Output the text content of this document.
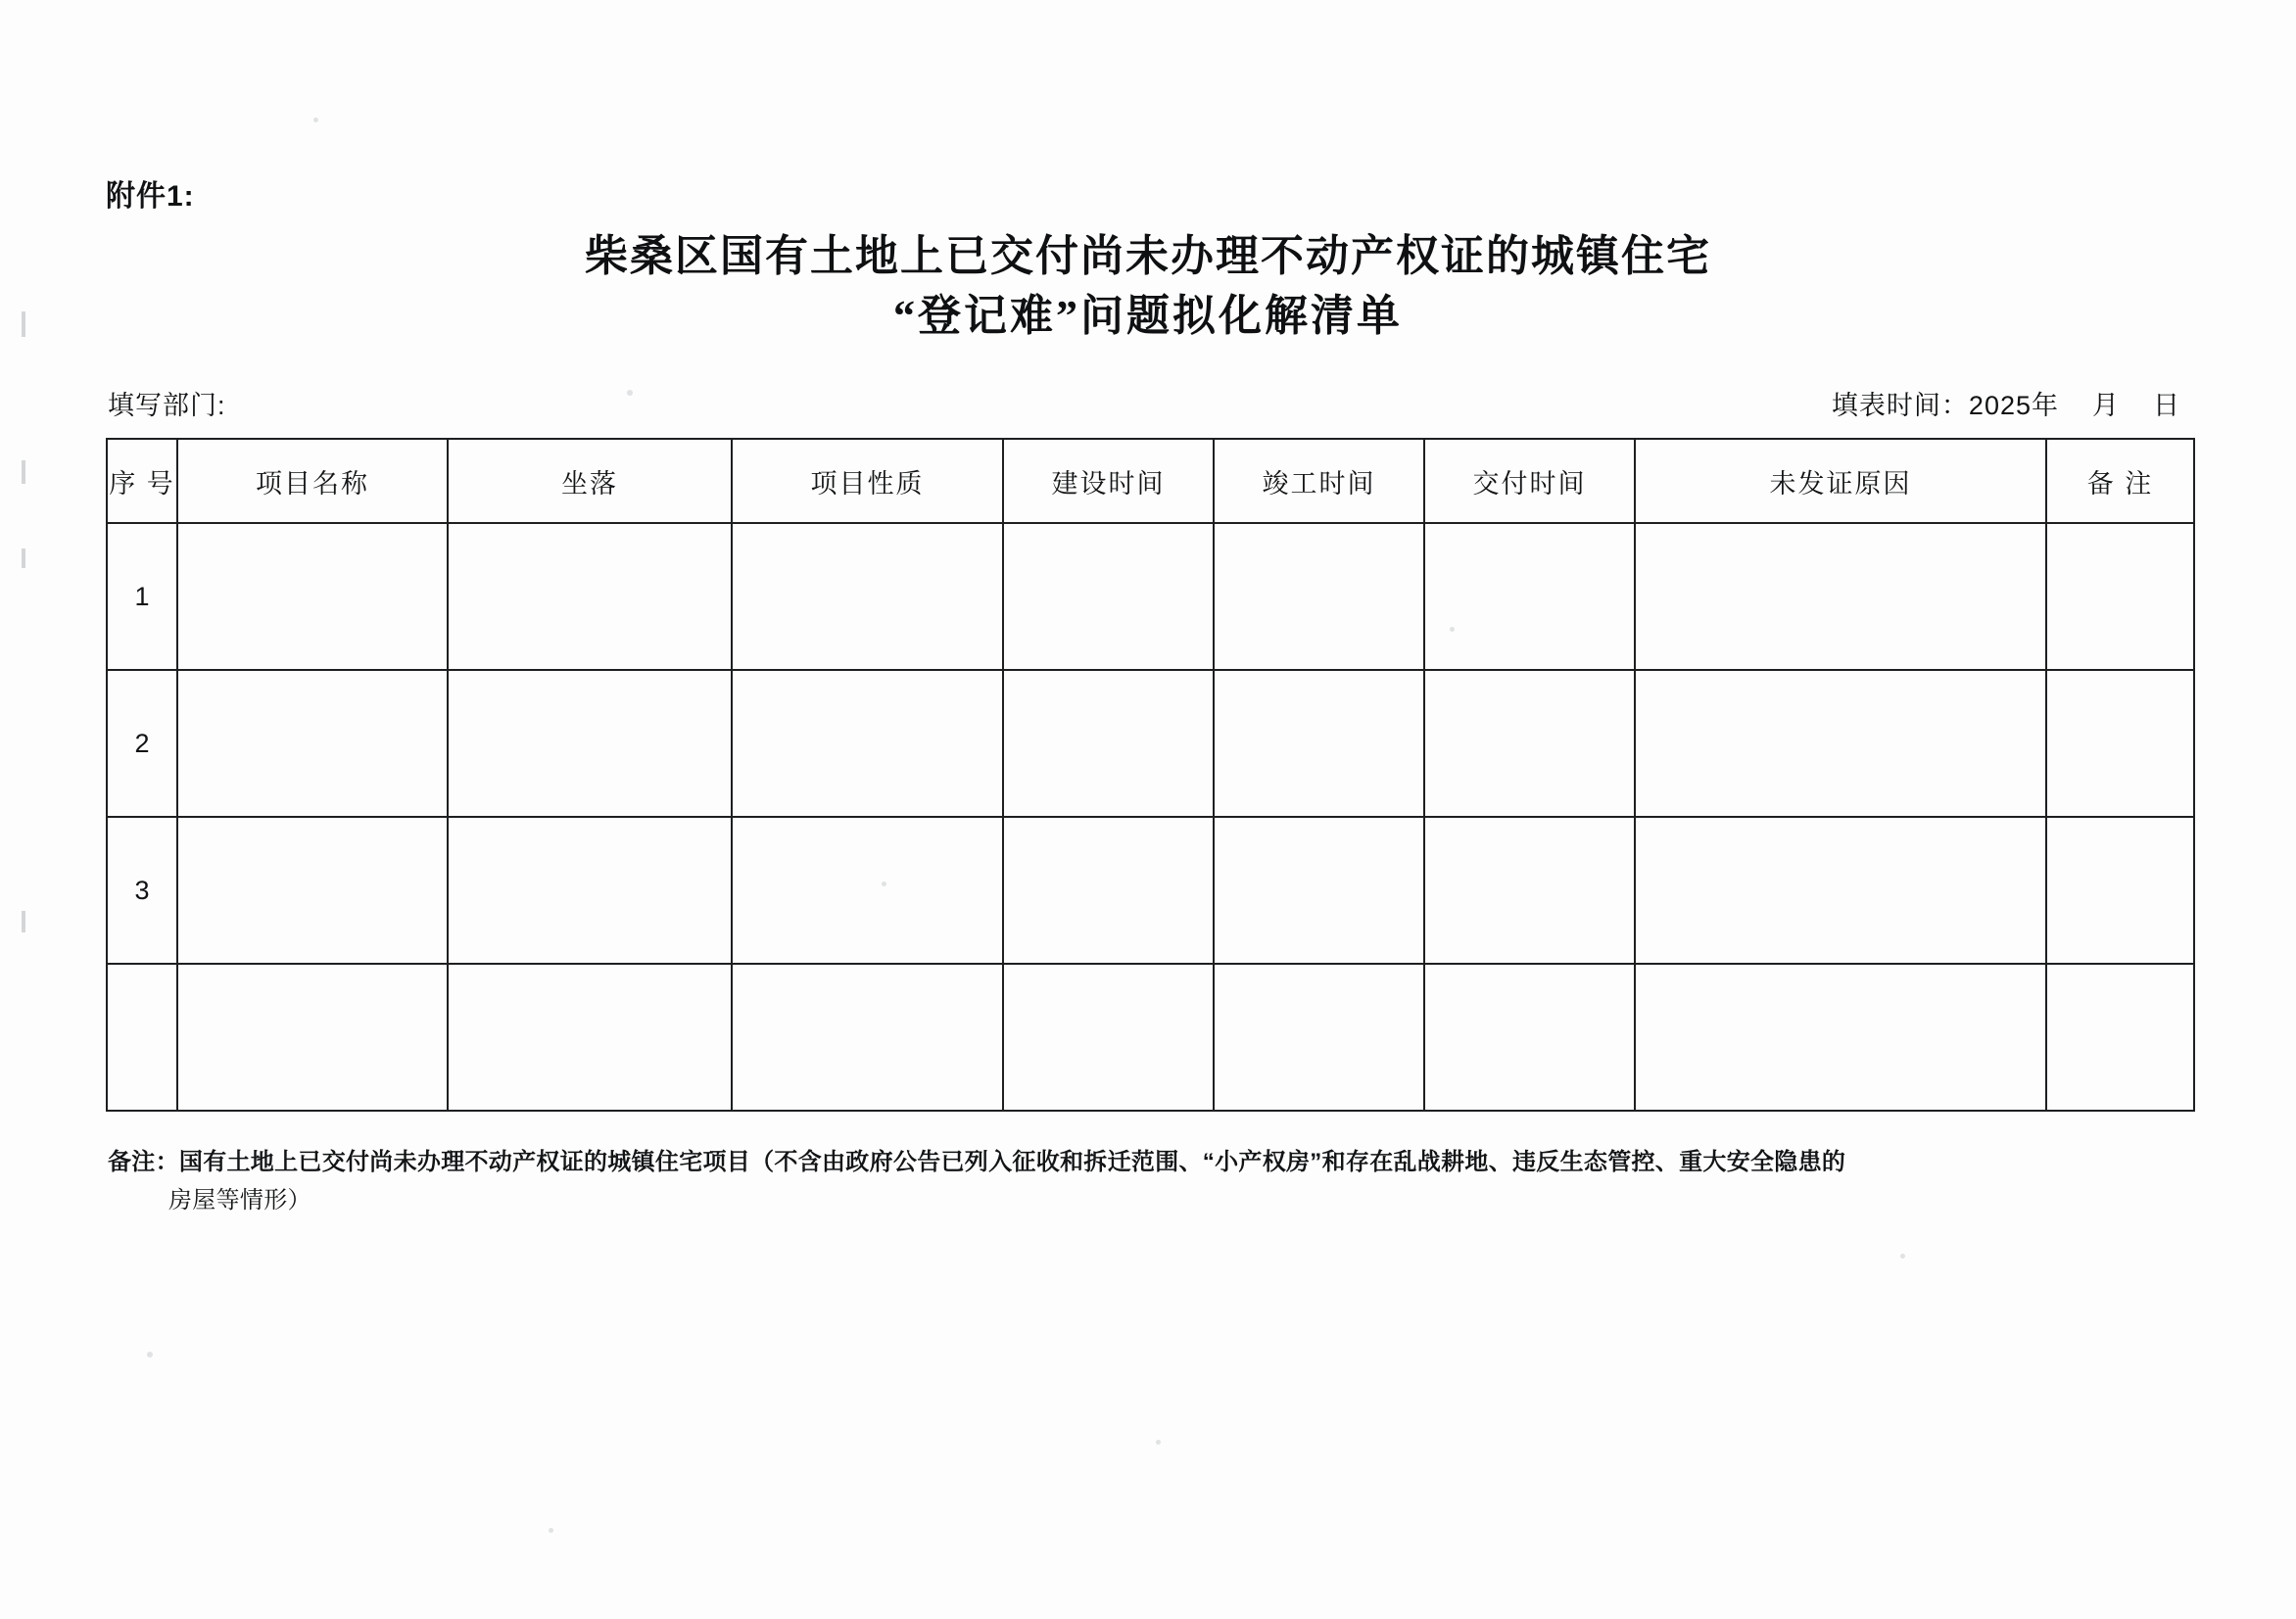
附件1:
柴桑区国有土地上已交付尚未办理不动产权证的城镇住宅
“登记难”问题拟化解清单
填写部门:	填表时间：2025年    月    日
序 号	项目名称	坐落	项目性质	建设时间	竣工时间	交付时间	未发证原因	备 注
1								
2								
3								

备注：国有土地上已交付尚未办理不动产权证的城镇住宅项目（不含由政府公告已列入征收和拆迁范围、“小产权房”和存在乱战耕地、违反生态管控、重大安全隐患的
房屋等情形）
